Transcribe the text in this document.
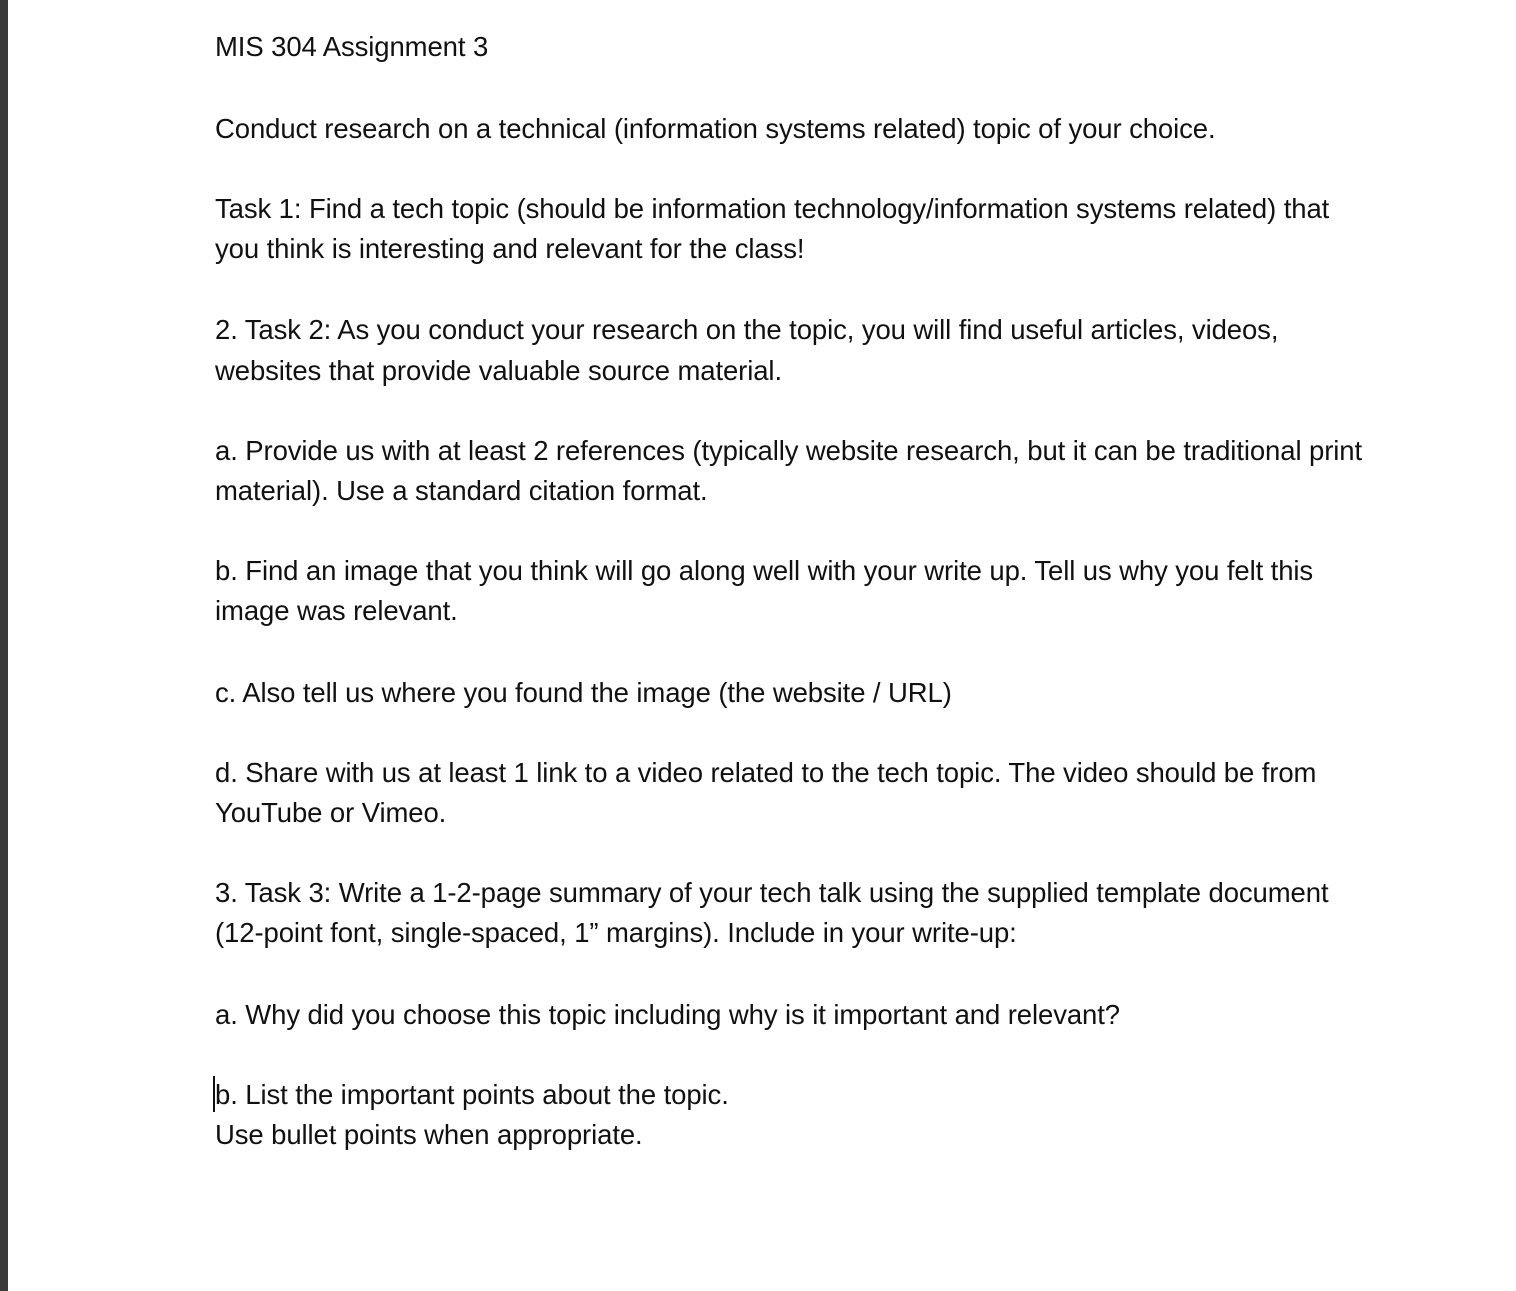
MIS 304 Assignment 3
Conduct research on a technical (information systems related) topic of your choice.
Task 1: Find a tech topic (should be information technology/information systems related) that
you think is interesting and relevant for the class!
2. Task 2: As you conduct your research on the topic, you will find useful articles, videos,
websites that provide valuable source material.
a. Provide us with at least 2 references (typically website research, but it can be traditional print
material). Use a standard citation format.
b. Find an image that you think will go along well with your write up. Tell us why you felt this
image was relevant.
c. Also tell us where you found the image (the website / URL)
d. Share with us at least 1 link to a video related to the tech topic. The video should be from
YouTube or Vimeo.
3. Task 3: Write a 1-2-page summary of your tech talk using the supplied template document
(12-point font, single-spaced, 1” margins). Include in your write-up:
a. Why did you choose this topic including why is it important and relevant?
b. List the important points about the topic.
Use bullet points when appropriate.
